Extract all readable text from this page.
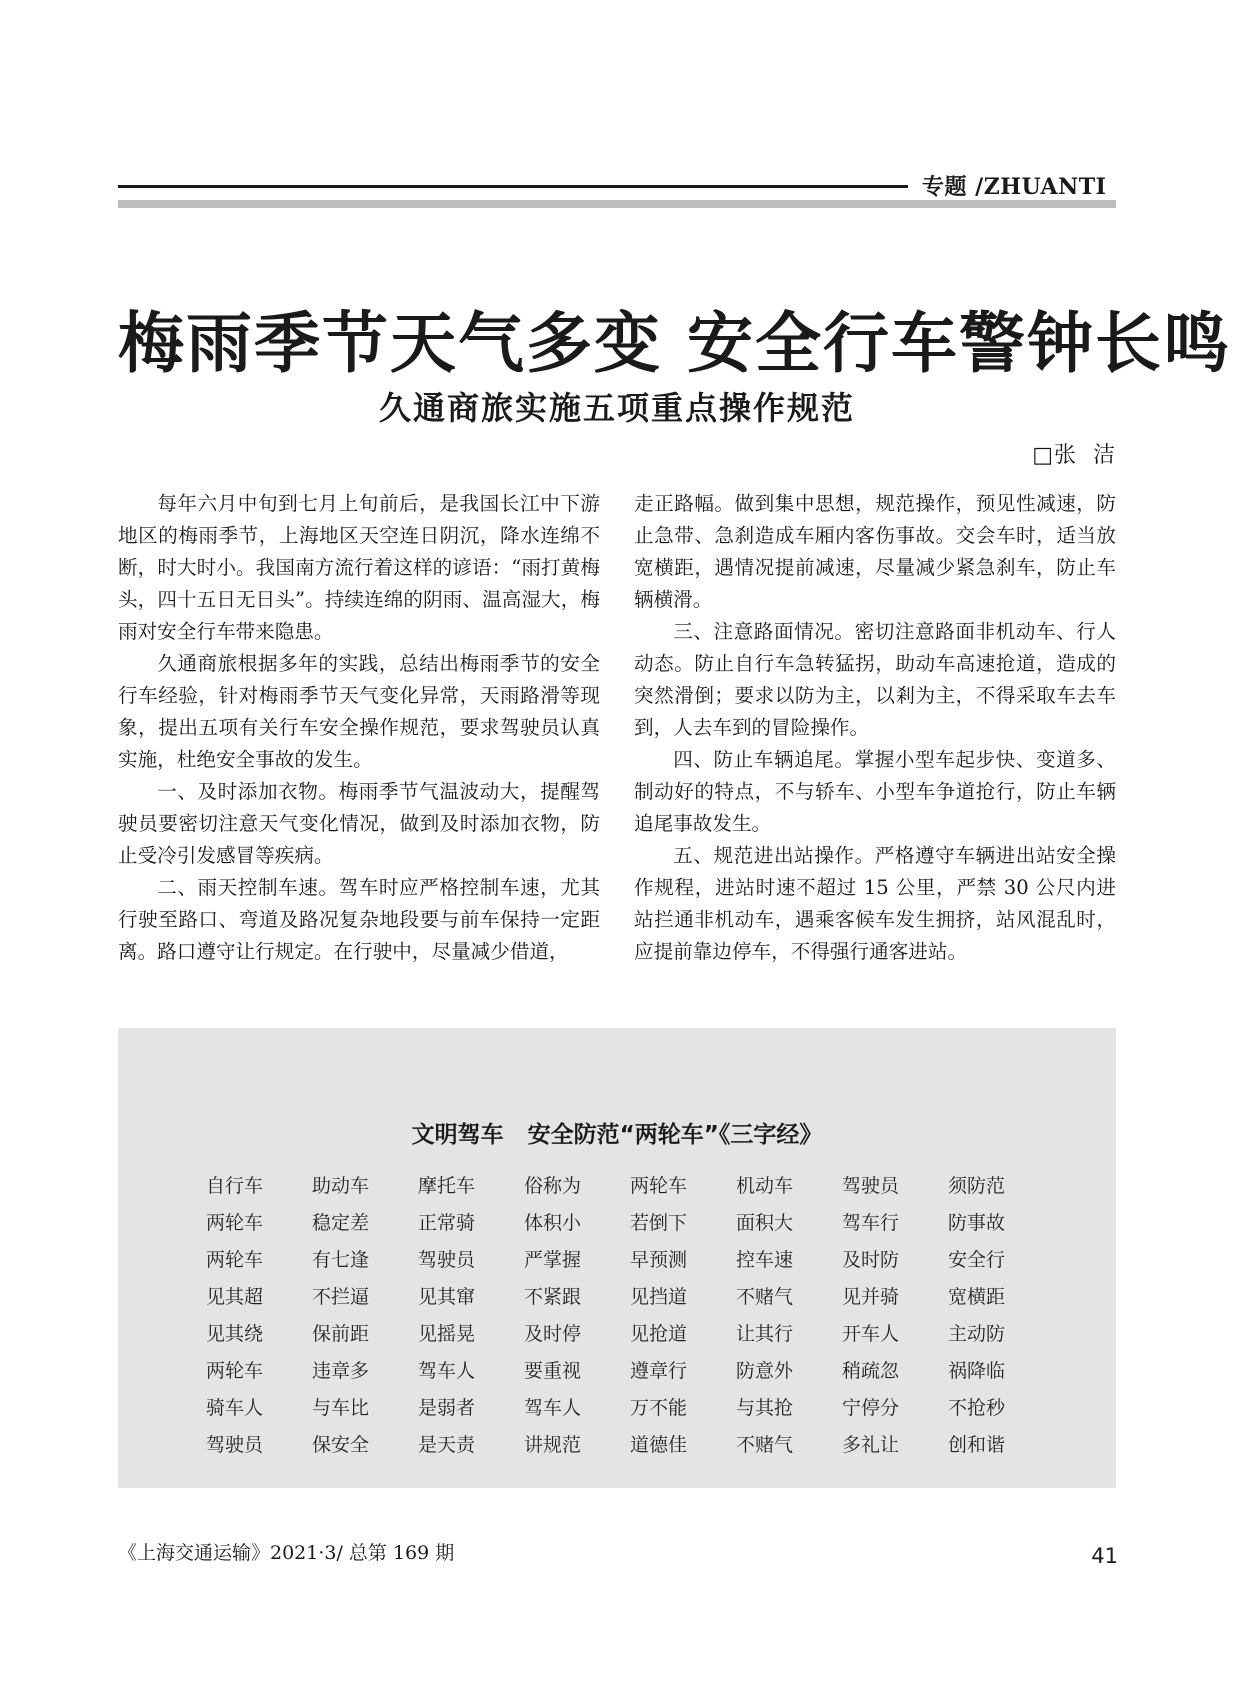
专题 /ZHUANTI
梅雨季节天气多变 安全行车警钟长鸣
久通商旅实施五项重点操作规范
□张  洁

每年六月中旬到七月上旬前后，是我国长江中下游地区的梅雨季节，上海地区天空连日阴沉，降水连绵不断，时大时小。我国南方流行着这样的谚语：“雨打黄梅头，四十五日无日头”。持续连绵的阴雨、温高湿大，梅雨对安全行车带来隐患。

久通商旅根据多年的实践，总结出梅雨季节的安全行车经验，针对梅雨季节天气变化异常，天雨路滑等现象，提出五项有关行车安全操作规范，要求驾驶员认真实施，杜绝安全事故的发生。

一、及时添加衣物。梅雨季节气温波动大，提醒驾驶员要密切注意天气变化情况，做到及时添加衣物，防止受冷引发感冒等疾病。

二、雨天控制车速。驾车时应严格控制车速，尤其行驶至路口、弯道及路况复杂地段要与前车保持一定距离。路口遵守让行规定。在行驶中，尽量减少借道，

走正路幅。做到集中思想，规范操作，预见性减速，防止急带、急刹造成车厢内客伤事故。交会车时，适当放宽横距，遇情况提前减速，尽量减少紧急刹车，防止车辆横滑。

三、注意路面情况。密切注意路面非机动车、行人动态。防止自行车急转猛拐，助动车高速抢道，造成的突然滑倒；要求以防为主，以剎为主，不得采取车去车到，人去车到的冒险操作。

四、防止车辆追尾。掌握小型车起步快、变道多、制动好的特点，不与轿车、小型车争道抢行，防止车辆追尾事故发生。

五、规范进出站操作。严格遵守车辆进出站安全操作规程，进站时速不超过 15 公里，严禁 30 公尺内进站拦通非机动车，遇乘客候车发生拥挤，站风混乱时，应提前靠边停车，不得强行通客进站。

文明驾车   安全防范“两轮车”《三字经》
自行车	助动车	摩托车	俗称为	两轮车	机动车	驾驶员	须防范
两轮车	稳定差	正常骑	体积小	若倒下	面积大	驾车行	防事故
两轮车	有七逢	驾驶员	严掌握	早预测	控车速	及时防	安全行
见其超	不拦逼	见其窜	不紧跟	见挡道	不赌气	见并骑	宽横距
见其绕	保前距	见摇晃	及时停	见抢道	让其行	开车人	主动防
两轮车	违章多	驾车人	要重视	遵章行	防意外	稍疏忽	祸降临
骑车人	与车比	是弱者	驾车人	万不能	与其抢	宁停分	不抢秒
驾驶员	保安全	是天责	讲规范	道德佳	不赌气	多礼让	创和谐
《上海交通运输》2021·3/ 总第 169 期	41
